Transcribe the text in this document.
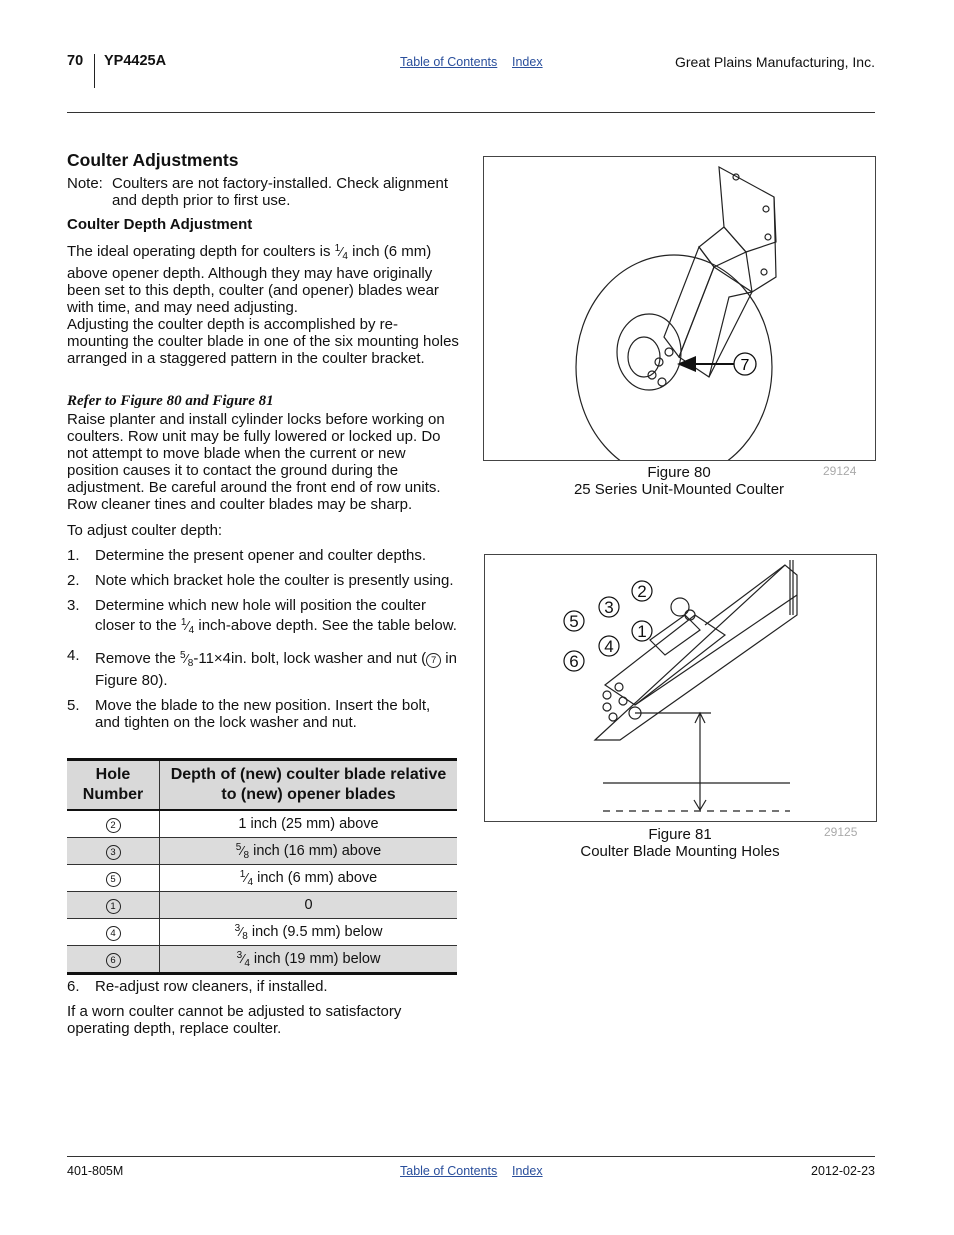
70 YP4425A	Table of Contents Index	Great Plains Manufacturing, Inc.
Coulter Adjustments
Note: Coulters are not factory-installed. Check alignment and depth prior to first use.
Coulter Depth Adjustment

The ideal operating depth for coulters is $^1⁄_4$ inch (6 mm) above opener depth. Although they may have originally been set to this depth, coulter (and opener) blades wear with time, and may need adjusting.

Adjusting the coulter depth is accomplished by re-mounting the coulter blade in one of the six mounting holes arranged in a staggered pattern in the coulter bracket.

Refer to Figure 80 and Figure 81

Raise planter and install cylinder locks before working on coulters. Row unit may be fully lowered or locked up. Do not attempt to move blade when the current or new position causes it to contact the ground during the adjustment. Be careful around the front end of row units. Row cleaner tines and coulter blades may be sharp.

To adjust coulter depth:

1. Determine the present opener and coulter depths.
2. Note which bracket hole the coulter is presently using.
3. Determine which new hole will position the coulter closer to the $^1⁄_4$ inch-above depth. See the table below.
4. Remove the $^5⁄_8-11\times 4in$. bolt, lock washer and nut ( 7 in Figure 80).
5. Move the blade to the new position. Insert the bolt, and tighten on the lock washer and nut.
Hole Number	Depth of (new) coulter blade relative to (new) opener blades
2	1 inch (25 mm) above
3	$^5⁄_8$ inch (16 mm) above
5	$^1⁄_4$ inch (6 mm) above
1	0
4	$^3⁄_8$ inch (9.5 mm) below
6	$^3⁄_4$ inch (19 mm) below
6. Re-adjust row cleaners, if installed.

If a worn coulter cannot be adjusted to satisfactory operating depth, replace coulter.

7
Figure 80
25 Series Unit-Mounted Coulter
29124
2
3
5
1
4
6
Figure 81
Coulter Blade Mounting Holes
29125
401-805M	Table of Contents Index	2012-02-23
